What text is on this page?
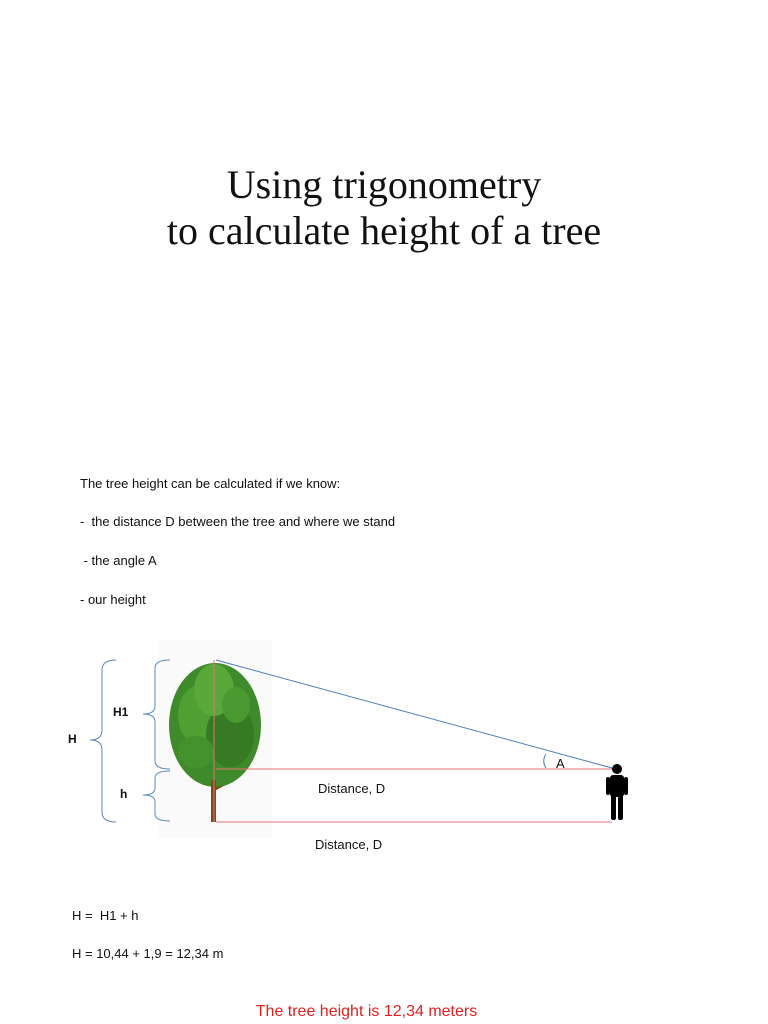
Using trigonometry
to calculate height of a tree
The tree height can be calculated if we know:
-  the distance D between the tree and where we stand
- the angle A
- our height
A
Distance, D
Distance, D
H
H1
h
H =  H1 + h
H = 10,44 + 1,9 = 12,34 m
The tree height is 12,34 meters
